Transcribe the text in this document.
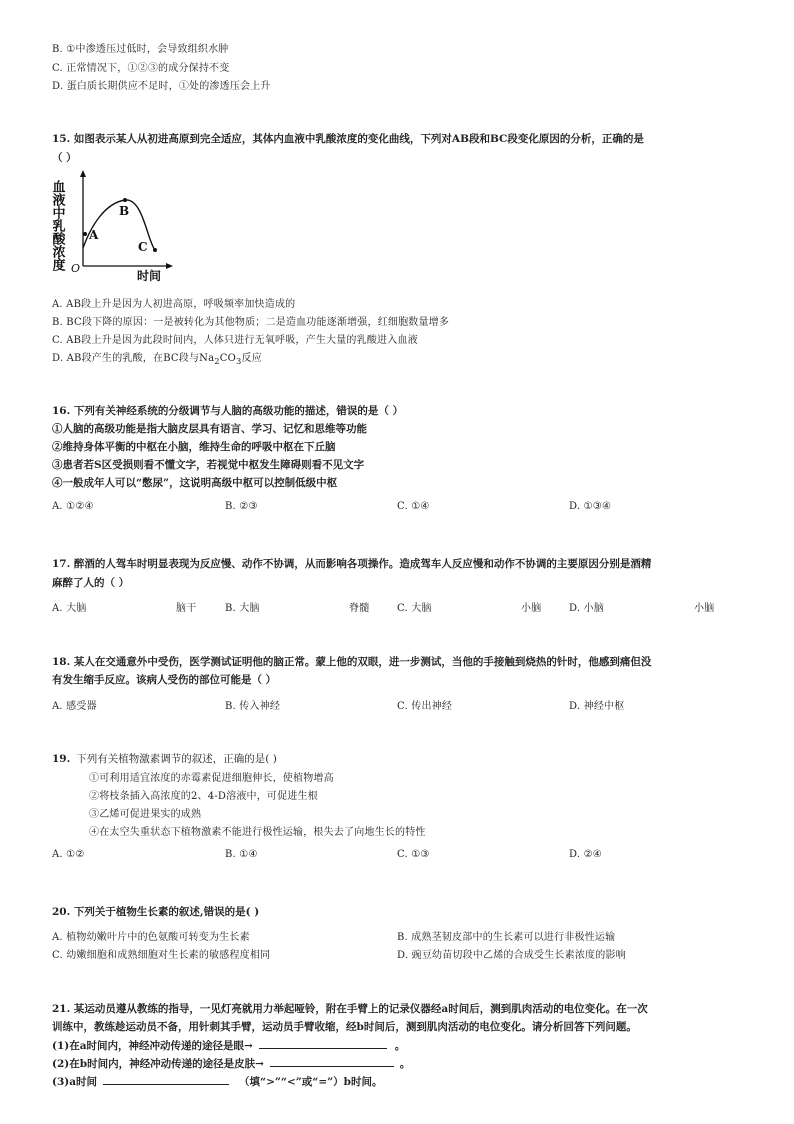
B. ①中渗透压过低时，会导致组织水肿
C. 正常情况下，①②③的成分保持不变
D. 蛋白质长期供应不足时，①处的渗透压会上升
15. 如图表示某人从初进高原到完全适应，其体内血液中乳酸浓度的变化曲线，下列对AB段和BC段变化原因的分析，正确的是
（ ）
血液中乳酸浓度
时间
O
A
B
C
A. AB段上升是因为人初进高原，呼吸频率加快造成的
B. BC段下降的原因：一是被转化为其他物质；二是造血功能逐渐增强，红细胞数量增多
C. AB段上升是因为此段时间内，人体只进行无氧呼吸，产生大量的乳酸进入血液
D. AB段产生的乳酸，在BC段与$Na_2CO_3$反应
16. 下列有关神经系统的分级调节与人脑的高级功能的描述，错误的是（ ）
①人脑的高级功能是指大脑皮层具有语言、学习、记忆和思维等功能
②维持身体平衡的中枢在小脑，维持生命的呼吸中枢在下丘脑
③患者若S区受损则看不懂文字，若视觉中枢发生障碍则看不见文字
④一般成年人可以“憋尿”，这说明高级中枢可以控制低级中枢
A. ①②④	B. ②③	C. ①④	D. ①③④
17. 醉酒的人驾车时明显表现为反应慢、动作不协调，从而影响各项操作。造成驾车人反应慢和动作不协调的主要原因分别是酒精
麻醉了人的（ ）
A. 大脑	脑干	B. 大脑	脊髓	C. 大脑	小脑	D. 小脑	小脑
18. 某人在交通意外中受伤，医学测试证明他的脑正常。蒙上他的双眼，进一步测试，当他的手接触到烧热的针时，他感到痛但没
有发生缩手反应。该病人受伤的部位可能是（ ）
A. 感受器	B. 传入神经	C. 传出神经	D. 神经中枢
19. 下列有关植物激素调节的叙述，正确的是( )
①可利用适宜浓度的赤霉素促进细胞伸长，使植物增高
②将枝条插入高浓度的2、4-D溶液中，可促进生根
③乙烯可促进果实的成熟
④在太空失重状态下植物激素不能进行极性运输，根失去了向地生长的特性
A. ①②	B. ①④	C. ①③	D. ②④
20. 下列关于植物生长素的叙述,错误的是( )
A. 植物幼嫩叶片中的色氨酸可转变为生长素	B. 成熟茎韧皮部中的生长素可以进行非极性运输
C. 幼嫩细胞和成熟细胞对生长素的敏感程度相同	D. 豌豆幼苗切段中乙烯的合成受生长素浓度的影响
21. 某运动员遵从教练的指导，一见灯亮就用力举起哑铃，附在手臂上的记录仪器经a时间后，测到肌肉活动的电位变化。在一次
训练中，教练趁运动员不备，用针刺其手臂，运动员手臂收缩，经b时间后，测到肌肉活动的电位变化。请分析回答下列问题。
(1)在a时间内，神经冲动传递的途径是眼→	。
(2)在b时间内，神经冲动传递的途径是皮肤→	。
(3)a时间	（填“>”“<”或“=”）b时间。
